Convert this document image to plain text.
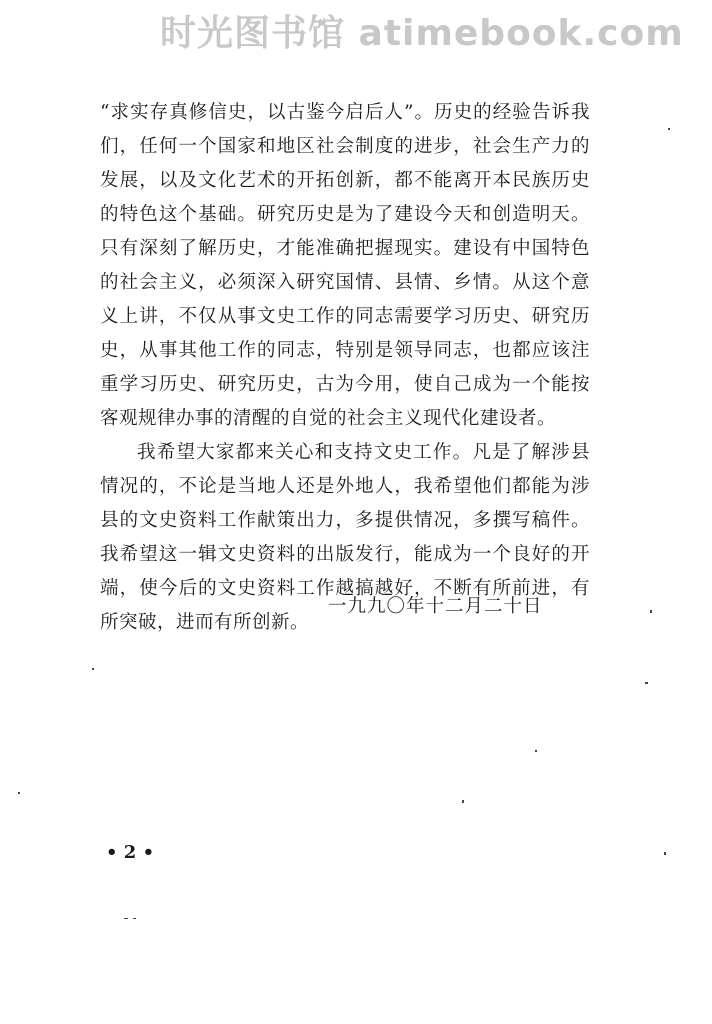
时光图书馆 atimebook.com

“求实存真修信史，以古鉴今启后人”。历史的经验告诉我们，任何一个国家和地区社会制度的进步，社会生产力的发展，以及文化艺术的开拓创新，都不能离开本民族历史的特色这个基础。研究历史是为了建设今天和创造明天。只有深刻了解历史，才能准确把握现实。建设有中国特色的社会主义，必须深入研究国情、县情、乡情。从这个意义上讲，不仅从事文史工作的同志需要学习历史、研究历史，从事其他工作的同志，特别是领导同志，也都应该注重学习历史、研究历史，古为今用，使自己成为一个能按客观规律办事的清醒的自觉的社会主义现代化建设者。

我希望大家都来关心和支持文史工作。凡是了解涉县情况的，不论是当地人还是外地人，我希望他们都能为涉县的文史资料工作献策出力，多提供情况，多撰写稿件。我希望这一辑文史资料的出版发行，能成为一个良好的开端，使今后的文史资料工作越搞越好，不断有所前进，有所突破，进而有所创新。

一九九〇年十二月二十日
• 2 •
